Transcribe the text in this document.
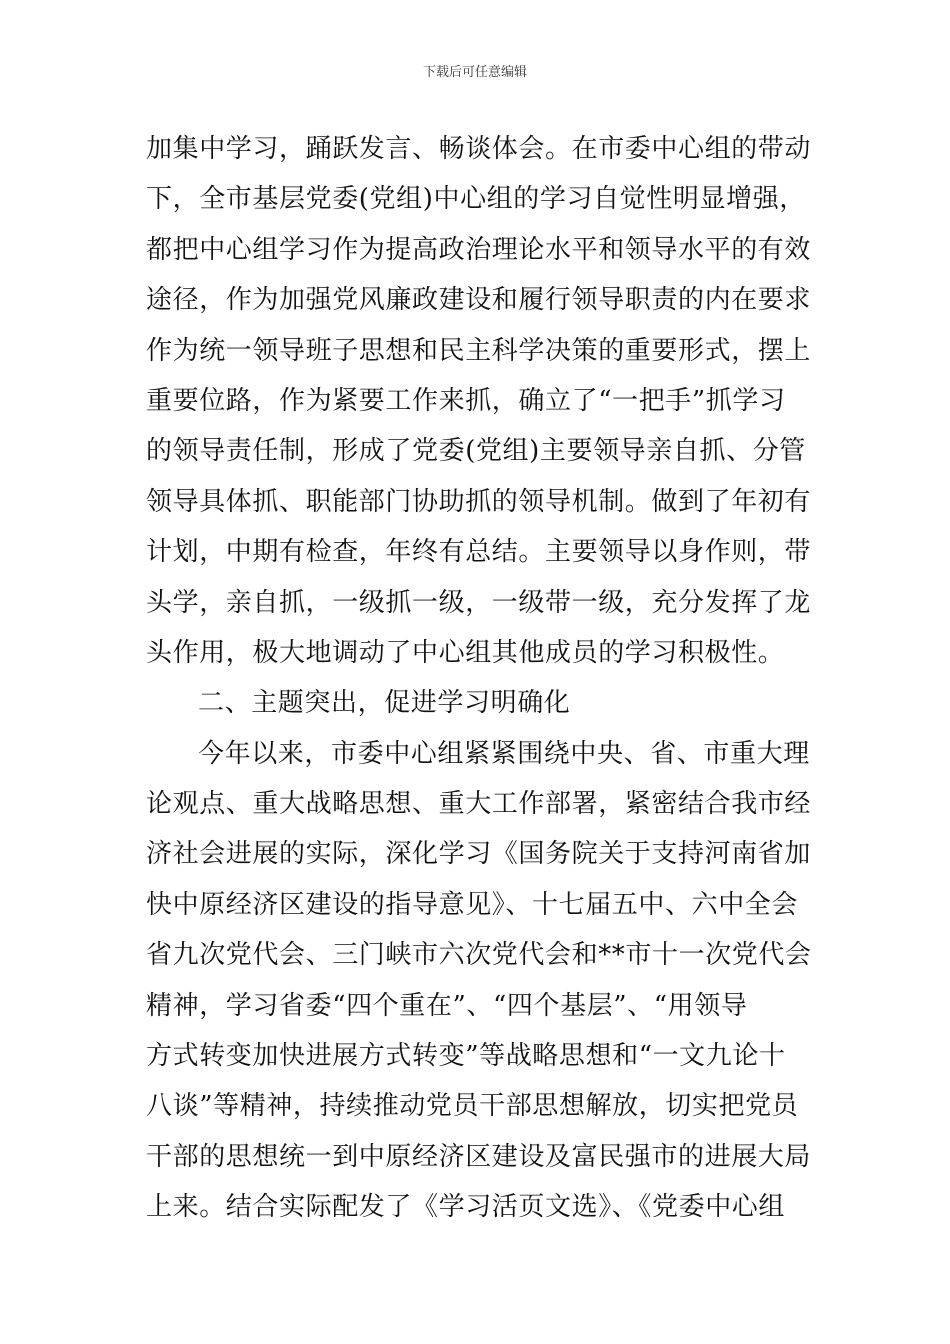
下载后可任意编辑
加集中学习，踊跃发言、畅谈体会。在市委中心组的带动
下，全市基层党委(党组)中心组的学习自觉性明显增强，
都把中心组学习作为提高政治理论水平和领导水平的有效
途径，作为加强党风廉政建设和履行领导职责的内在要求
作为统一领导班子思想和民主科学决策的重要形式，摆上
重要位路，作为紧要工作来抓，确立了“一把手”抓学习
的领导责任制，形成了党委(党组)主要领导亲自抓、分管
领导具体抓、职能部门协助抓的领导机制。做到了年初有
计划，中期有检查，年终有总结。主要领导以身作则，带
头学，亲自抓，一级抓一级，一级带一级，充分发挥了龙
头作用，极大地调动了中心组其他成员的学习积极性。
二、主题突出，促进学习明确化
今年以来，市委中心组紧紧围绕中央、省、市重大理
论观点、重大战略思想、重大工作部署，紧密结合我市经
济社会进展的实际，深化学习《国务院关于支持河南省加
快中原经济区建设的指导意见》、十七届五中、六中全会
省九次党代会、三门峡市六次党代会和**市十一次党代会
精神，学习省委“四个重在”、“四个基层”、“用领导
方式转变加快进展方式转变”等战略思想和“一文九论十
八谈”等精神，持续推动党员干部思想解放，切实把党员
干部的思想统一到中原经济区建设及富民强市的进展大局
上来。结合实际配发了《学习活页文选》、《党委中心组
